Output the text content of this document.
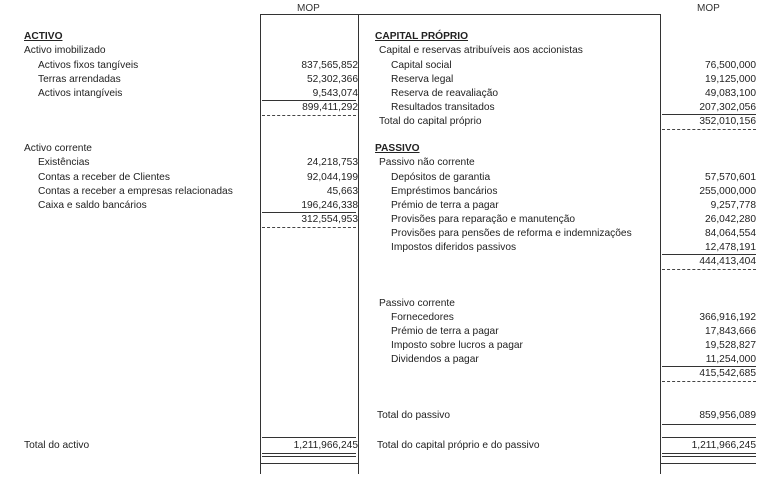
MOP	MOP
ACTIVO
Activo imobilizado
Activos fixos tangíveis	837,565,852
Terras arrendadas	52,302,366
Activos intangíveis	9,543,074
899,411,292
Activo corrente
Existências	24,218,753
Contas a receber de Clientes	92,044,199
Contas a receber a empresas relacionadas	45,663
Caixa e saldo bancários	196,246,338
312,554,953
Total do activo	1,211,966,245
CAPITAL PRÓPRIO
Capital e reservas atribuíveis aos accionistas
Capital social	76,500,000
Reserva legal	19,125,000
Reserva de reavaliação	49,083,100
Resultados transitados	207,302,056
Total do capital próprio	352,010,156
PASSIVO
Passivo não corrente
Depósitos de garantia	57,570,601
Empréstimos bancários	255,000,000
Prémio de terra a pagar	9,257,778
Provisões para reparação e manutenção	26,042,280
Provisões para pensões de reforma e indemnizações	84,064,554
Impostos diferidos passivos	12,478,191
444,413,404
Passivo corrente
Fornecedores	366,916,192
Prémio de terra a pagar	17,843,666
Imposto sobre lucros a pagar	19,528,827
Dividendos a pagar	11,254,000
415,542,685
Total do passivo	859,956,089
Total do capital próprio e do passivo	1,211,966,245
